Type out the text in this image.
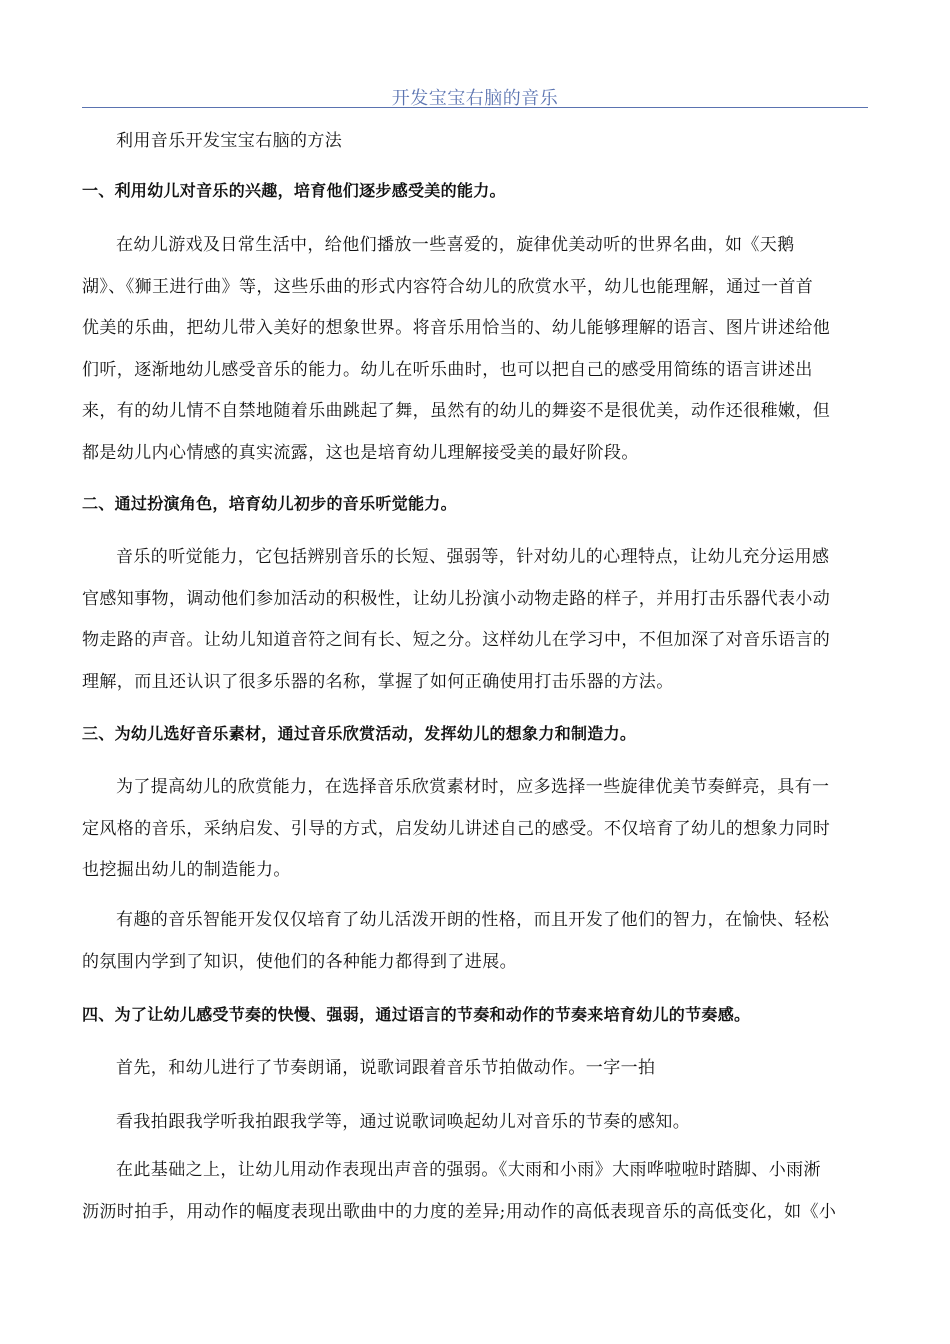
开发宝宝右脑的音乐

利用音乐开发宝宝右脑的方法

一、利用幼儿对音乐的兴趣，培育他们逐步感受美的能力。

在幼儿游戏及日常生活中，给他们播放一些喜爱的，旋律优美动听的世界名曲，如《天鹅
湖》、《狮王进行曲》等，这些乐曲的形式内容符合幼儿的欣赏水平，幼儿也能理解，通过一首首
优美的乐曲，把幼儿带入美好的想象世界。将音乐用恰当的、幼儿能够理解的语言、图片讲述给他
们听，逐渐地幼儿感受音乐的能力。幼儿在听乐曲时，也可以把自己的感受用简练的语言讲述出
来，有的幼儿情不自禁地随着乐曲跳起了舞，虽然有的幼儿的舞姿不是很优美，动作还很稚嫩，但
都是幼儿内心情感的真实流露，这也是培育幼儿理解接受美的最好阶段。

二、通过扮演角色，培育幼儿初步的音乐听觉能力。

音乐的听觉能力，它包括辨别音乐的长短、强弱等，针对幼儿的心理特点，让幼儿充分运用感
官感知事物，调动他们参加活动的积极性，让幼儿扮演小动物走路的样子，并用打击乐器代表小动
物走路的声音。让幼儿知道音符之间有长、短之分。这样幼儿在学习中，不但加深了对音乐语言的
理解，而且还认识了很多乐器的名称，掌握了如何正确使用打击乐器的方法。

三、为幼儿选好音乐素材，通过音乐欣赏活动，发挥幼儿的想象力和制造力。

为了提高幼儿的欣赏能力，在选择音乐欣赏素材时，应多选择一些旋律优美节奏鲜亮，具有一
定风格的音乐，采纳启发、引导的方式，启发幼儿讲述自己的感受。不仅培育了幼儿的想象力同时
也挖掘出幼儿的制造能力。
有趣的音乐智能开发仅仅培育了幼儿活泼开朗的性格，而且开发了他们的智力，在愉快、轻松
的氛围内学到了知识，使他们的各种能力都得到了进展。

四、为了让幼儿感受节奏的快慢、强弱，通过语言的节奏和动作的节奏来培育幼儿的节奏感。

首先，和幼儿进行了节奏朗诵，说歌词跟着音乐节拍做动作。一字一拍

看我拍跟我学听我拍跟我学等，通过说歌词唤起幼儿对音乐的节奏的感知。

在此基础之上，让幼儿用动作表现出声音的强弱。《大雨和小雨》大雨哗啦啦时踏脚、小雨淅
沥沥时拍手，用动作的幅度表现出歌曲中的力度的差异;用动作的高低表现音乐的高低变化，如《小
